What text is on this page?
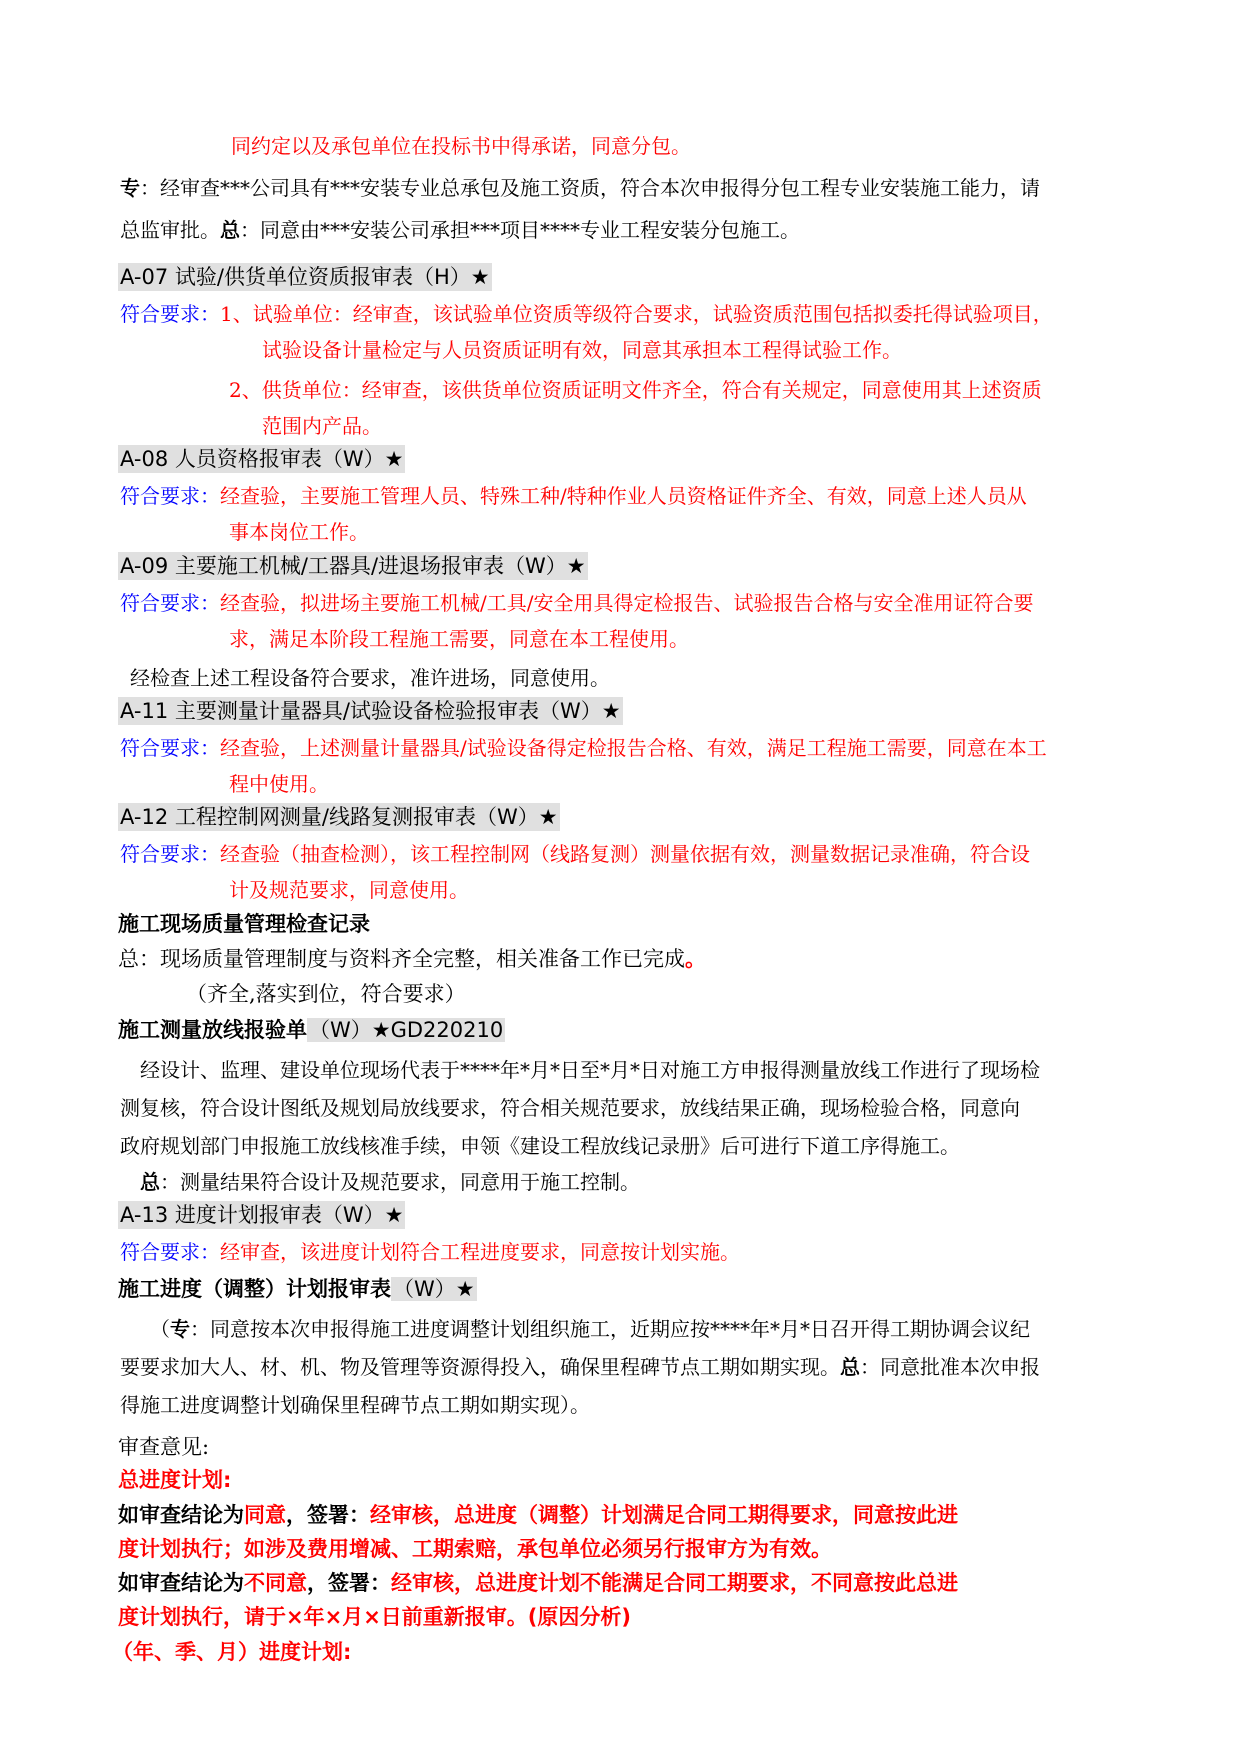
同约定以及承包单位在投标书中得承诺，同意分包。
专：经审查***公司具有***安装专业总承包及施工资质，符合本次申报得分包工程专业安装施工能力，请
总监审批。总：同意由***安装公司承担***项目****专业工程安装分包施工。
A-07 试验/供货单位资质报审表（H）★
符合要求：1、试验单位：经审查，该试验单位资质等级符合要求，试验资质范围包括拟委托得试验项目，
试验设备计量检定与人员资质证明有效，同意其承担本工程得试验工作。
2、供货单位：经审查，该供货单位资质证明文件齐全，符合有关规定，同意使用其上述资质
范围内产品。
A-08 人员资格报审表（W）★
符合要求：经查验，主要施工管理人员、特殊工种/特种作业人员资格证件齐全、有效，同意上述人员从
事本岗位工作。
A-09 主要施工机械/工器具/进退场报审表（W）★
符合要求：经查验，拟进场主要施工机械/工具/安全用具得定检报告、试验报告合格与安全准用证符合要
求，满足本阶段工程施工需要，同意在本工程使用。
经检查上述工程设备符合要求，准许进场，同意使用。
A-11 主要测量计量器具/试验设备检验报审表（W）★
符合要求：经查验，上述测量计量器具/试验设备得定检报告合格、有效，满足工程施工需要，同意在本工
程中使用。
A-12 工程控制网测量/线路复测报审表（W）★
符合要求：经查验（抽查检测），该工程控制网（线路复测）测量依据有效，测量数据记录准确，符合设
计及规范要求，同意使用。
施工现场质量管理检查记录
总：现场质量管理制度与资料齐全完整，相关准备工作已完成。
（齐全,落实到位，符合要求）
施工测量放线报验单（W）★GD220210
经设计、监理、建设单位现场代表于****年*月*日至*月*日对施工方申报得测量放线工作进行了现场检
测复核，符合设计图纸及规划局放线要求，符合相关规范要求，放线结果正确，现场检验合格，同意向
政府规划部门申报施工放线核准手续，申领《建设工程放线记录册》后可进行下道工序得施工。
总：测量结果符合设计及规范要求，同意用于施工控制。
A-13 进度计划报审表（W）★
符合要求：经审查，该进度计划符合工程进度要求，同意按计划实施。
施工进度（调整）计划报审表（W）★
（专：同意按本次申报得施工进度调整计划组织施工，近期应按****年*月*日召开得工期协调会议纪
要要求加大人、材、机、物及管理等资源得投入，确保里程碑节点工期如期实现。总：同意批准本次申报
得施工进度调整计划确保里程碑节点工期如期实现）。
审查意见:
总进度计划:
如审查结论为同意，签署：经审核，总进度（调整）计划满足合同工期得要求，同意按此进
度计划执行；如涉及费用增减、工期索赔，承包单位必须另行报审方为有效。
如审查结论为不同意，签署：经审核，总进度计划不能满足合同工期要求，不同意按此总进
度计划执行，请于×年×月×日前重新报审。(原因分析)
（年、季、月）进度计划:
